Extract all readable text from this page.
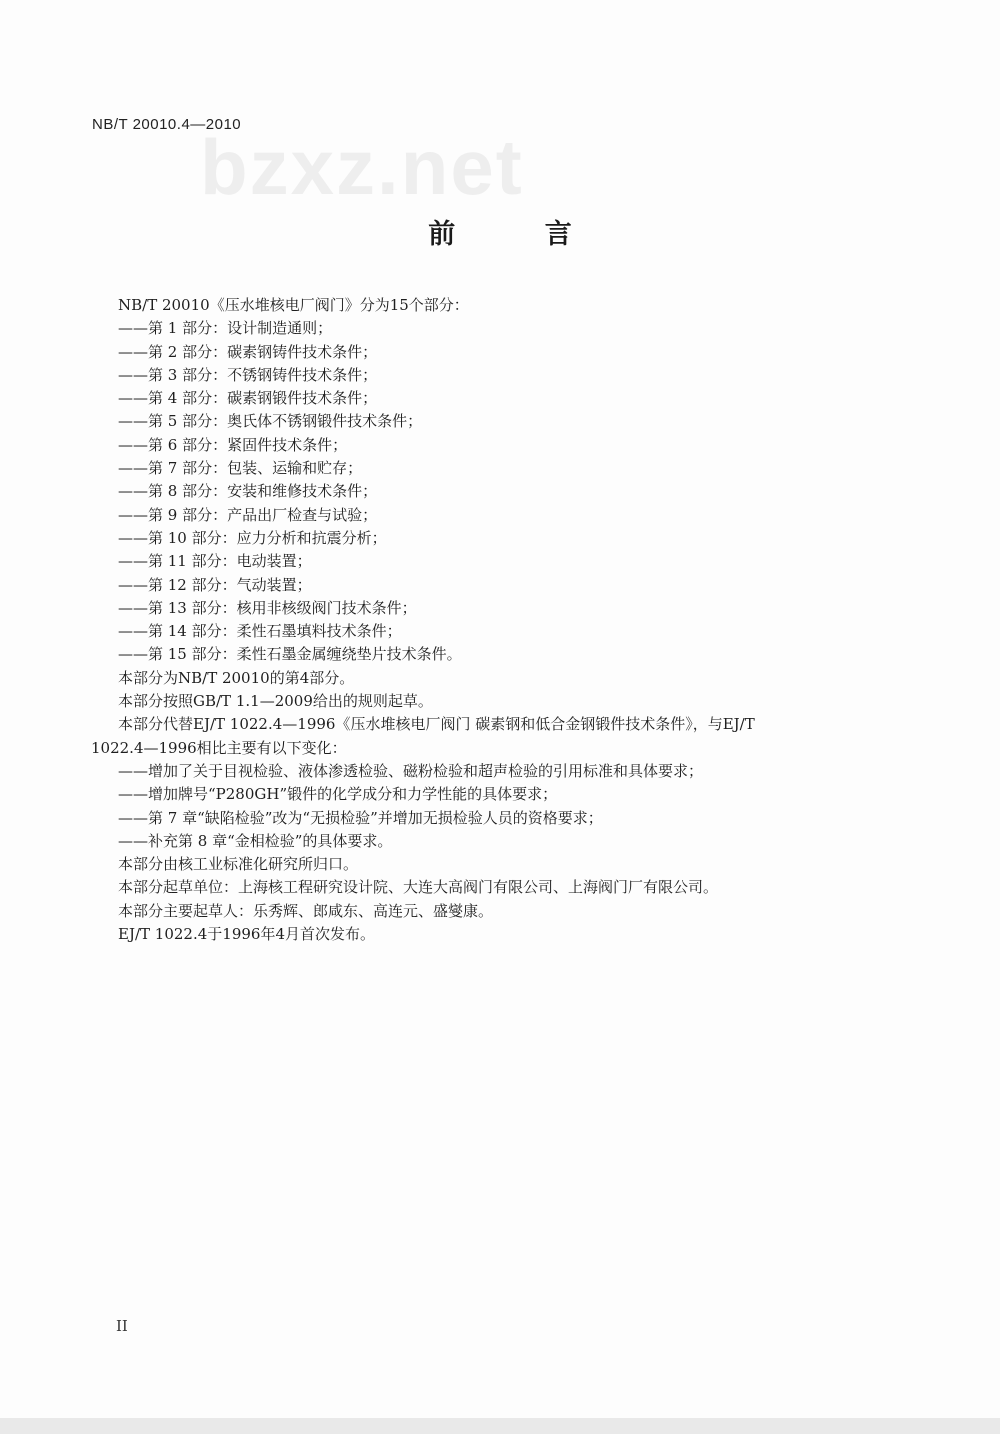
NB/T 20010.4—2010
bzxz.net
前 言
NB/T 20010《压水堆核电厂阀门》分为15个部分：
——第 1 部分：设计制造通则；
——第 2 部分：碳素钢铸件技术条件；
——第 3 部分：不锈钢铸件技术条件；
——第 4 部分：碳素钢锻件技术条件；
——第 5 部分：奥氏体不锈钢锻件技术条件；
——第 6 部分：紧固件技术条件；
——第 7 部分：包装、运输和贮存；
——第 8 部分：安装和维修技术条件；
——第 9 部分：产品出厂检查与试验；
——第 10 部分：应力分析和抗震分析；
——第 11 部分：电动装置；
——第 12 部分：气动装置；
——第 13 部分：核用非核级阀门技术条件；
——第 14 部分：柔性石墨填料技术条件；
——第 15 部分：柔性石墨金属缠绕垫片技术条件。
本部分为NB/T 20010的第4部分。
本部分按照GB/T 1.1—2009给出的规则起草。
本部分代替EJ/T 1022.4—1996《压水堆核电厂阀门 碳素钢和低合金钢锻件技术条件》，与EJ/T
1022.4—1996相比主要有以下变化：
——增加了关于目视检验、液体渗透检验、磁粉检验和超声检验的引用标准和具体要求；
——增加牌号“P280GH”锻件的化学成分和力学性能的具体要求；
——第 7 章“缺陷检验”改为“无损检验”并增加无损检验人员的资格要求；
——补充第 8 章“金相检验”的具体要求。
本部分由核工业标准化研究所归口。
本部分起草单位：上海核工程研究设计院、大连大高阀门有限公司、上海阀门厂有限公司。
本部分主要起草人：乐秀辉、郎咸东、高连元、盛燮康。
EJ/T 1022.4于1996年4月首次发布。
II
